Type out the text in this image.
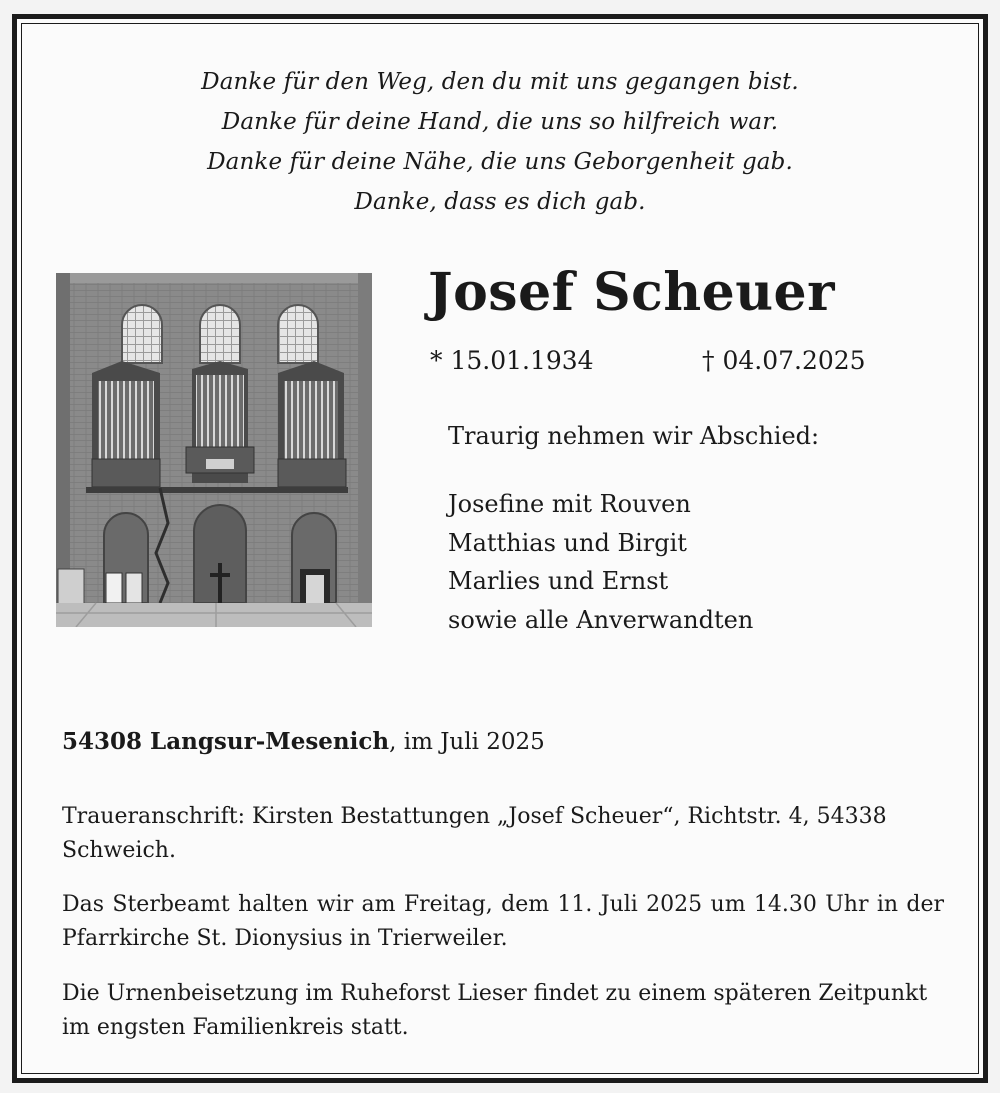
Danke für den Weg, den du mit uns gegangen bist.
Danke für deine Hand, die uns so hilfreich war.
Danke für deine Nähe, die uns Geborgenheit gab.
Danke, dass es dich gab.
Josef Scheuer
* 15.01.1934	† 04.07.2025
Traurig nehmen wir Abschied:
Josefine mit Rouven
Matthias und Birgit
Marlies und Ernst
sowie alle Anverwandten
54308 Langsur-Mesenich, im Juli 2025
Traueranschrift: Kirsten Bestattungen „Josef Scheuer“, Richtstr. 4, 54338 Schweich.
Das Sterbeamt halten wir am Freitag, dem 11. Juli 2025 um 14.30 Uhr in der Pfarrkirche St. Dionysius in Trierweiler.
Die Urnenbeisetzung im Ruheforst Lieser findet zu einem späteren Zeitpunkt im engsten Familienkreis statt.
